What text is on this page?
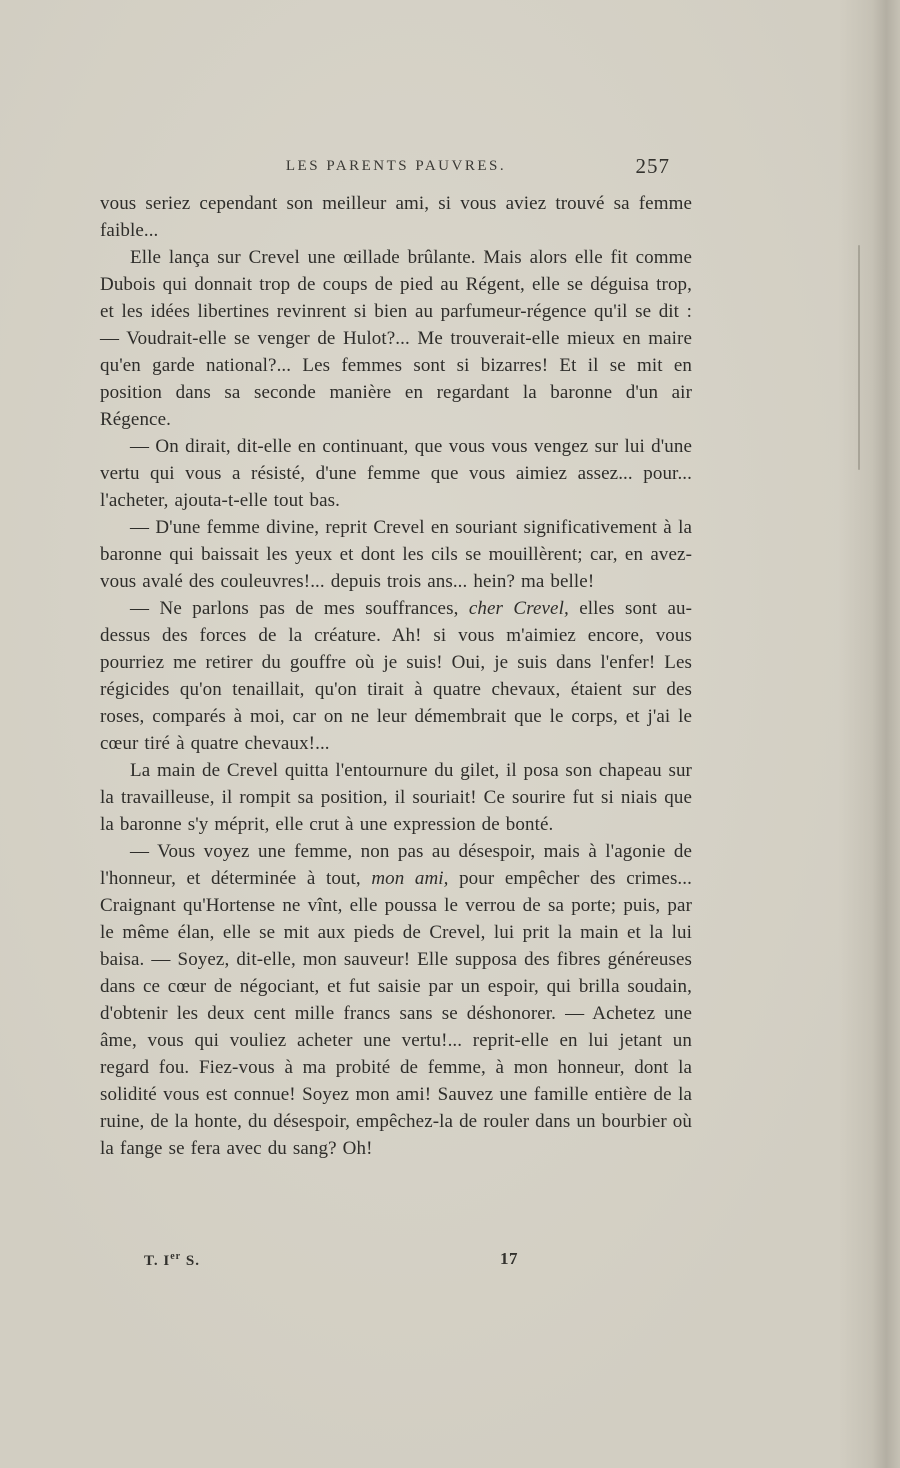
LES PARENTS PAUVRES.	257

vous seriez cependant son meilleur ami, si vous aviez trouvé sa femme faible...

Elle lança sur Crevel une œillade brûlante. Mais alors elle fit comme Dubois qui donnait trop de coups de pied au Régent, elle se déguisa trop, et les idées libertines revinrent si bien au parfumeur-régence qu'il se dit : — Voudrait-elle se venger de Hulot?... Me trouverait-elle mieux en maire qu'en garde national?... Les femmes sont si bizarres! Et il se mit en position dans sa seconde manière en regardant la baronne d'un air Régence.

— On dirait, dit-elle en continuant, que vous vous vengez sur lui d'une vertu qui vous a résisté, d'une femme que vous aimiez assez... pour... l'acheter, ajouta-t-elle tout bas.

— D'une femme divine, reprit Crevel en souriant significativement à la baronne qui baissait les yeux et dont les cils se mouillèrent; car, en avez-vous avalé des couleuvres!... depuis trois ans... hein? ma belle!

— Ne parlons pas de mes souffrances, cher Crevel, elles sont au-dessus des forces de la créature. Ah! si vous m'aimiez encore, vous pourriez me retirer du gouffre où je suis! Oui, je suis dans l'enfer! Les régicides qu'on tenaillait, qu'on tirait à quatre chevaux, étaient sur des roses, comparés à moi, car on ne leur démembrait que le corps, et j'ai le cœur tiré à quatre chevaux!...

La main de Crevel quitta l'entournure du gilet, il posa son chapeau sur la travailleuse, il rompit sa position, il souriait! Ce sourire fut si niais que la baronne s'y méprit, elle crut à une expression de bonté.

— Vous voyez une femme, non pas au désespoir, mais à l'agonie de l'honneur, et déterminée à tout, mon ami, pour empêcher des crimes... Craignant qu'Hortense ne vînt, elle poussa le verrou de sa porte; puis, par le même élan, elle se mit aux pieds de Crevel, lui prit la main et la lui baisa. — Soyez, dit-elle, mon sauveur! Elle supposa des fibres généreuses dans ce cœur de négociant, et fut saisie par un espoir, qui brilla soudain, d'obtenir les deux cent mille francs sans se déshonorer. — Achetez une âme, vous qui vouliez acheter une vertu!... reprit-elle en lui jetant un regard fou. Fiez-vous à ma probité de femme, à mon honneur, dont la solidité vous est connue! Soyez mon ami! Sauvez une famille entière de la ruine, de la honte, du désespoir, empêchez-la de rouler dans un bourbier où la fange se fera avec du sang? Oh!

T. Ier S.	17
